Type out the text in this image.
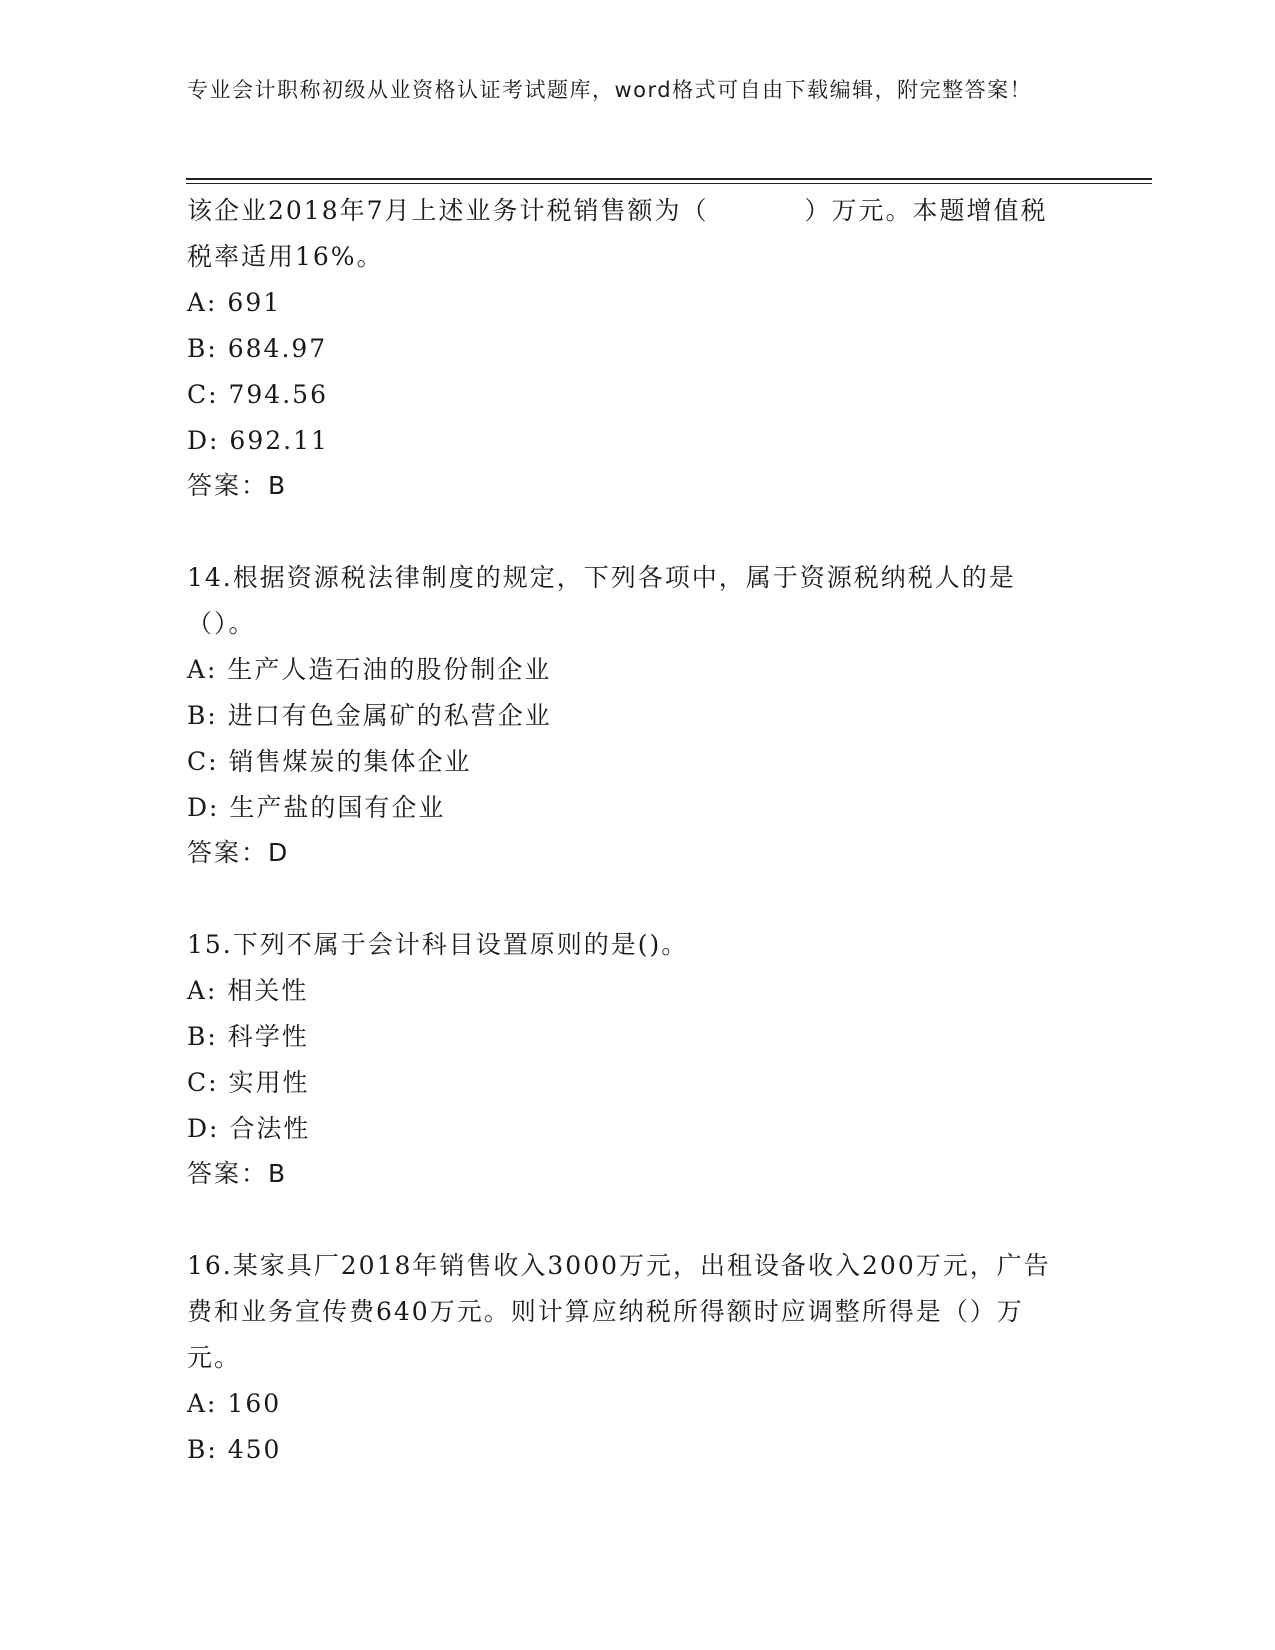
专业会计职称初级从业资格认证考试题库，word格式可自由下载编辑，附完整答案！

该企业2018年7月上述业务计税销售额为（	）万元。本题增值税税率适用16%。

A: 691

B: 684.97

C: 794.56

D: 692.11

答案：B

14.根据资源税法律制度的规定，下列各项中，属于资源税纳税人的是（）。

A: 生产人造石油的股份制企业

B: 进口有色金属矿的私营企业

C: 销售煤炭的集体企业

D: 生产盐的国有企业

答案：D

15.下列不属于会计科目设置原则的是()。

A: 相关性

B: 科学性

C: 实用性

D: 合法性

答案：B

16.某家具厂2018年销售收入3000万元，出租设备收入200万元，广告费和业务宣传费640万元。则计算应纳税所得额时应调整所得是（）万元。

A: 160

B: 450
